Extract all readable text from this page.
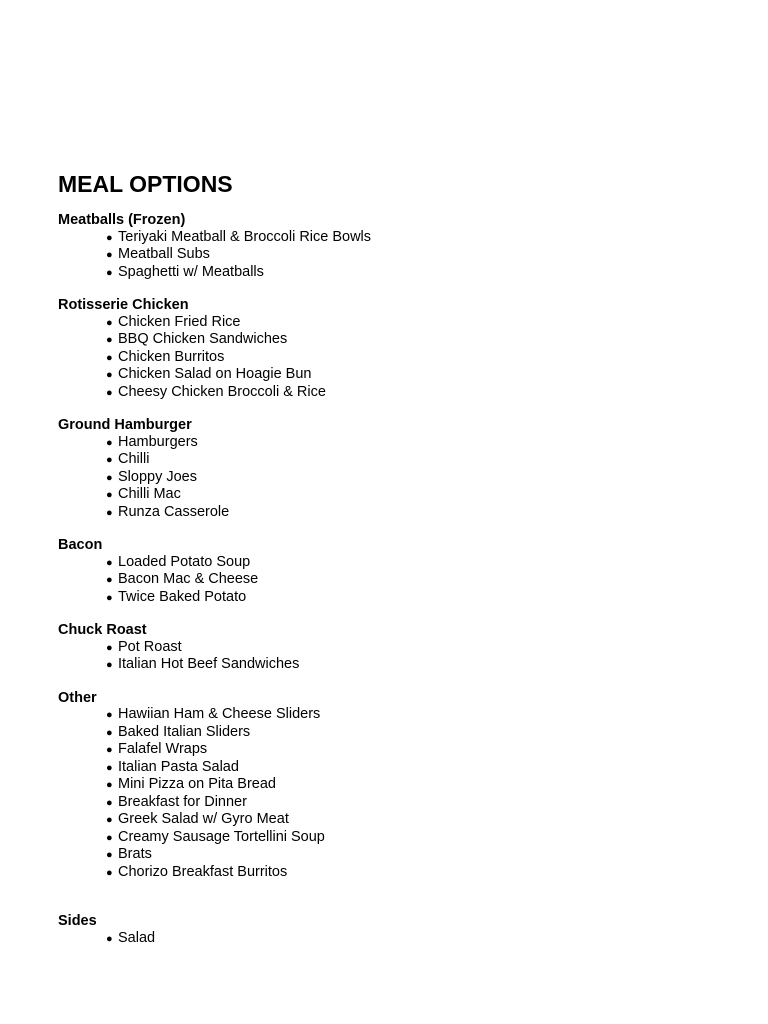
MEAL OPTIONS
Meatballs (Frozen)
● Teriyaki Meatball & Broccoli Rice Bowls
● Meatball Subs
● Spaghetti w/ Meatballs
Rotisserie Chicken
● Chicken Fried Rice
● BBQ Chicken Sandwiches
● Chicken Burritos
● Chicken Salad on Hoagie Bun
● Cheesy Chicken Broccoli & Rice
Ground Hamburger
● Hamburgers
● Chilli
● Sloppy Joes
● Chilli Mac
● Runza Casserole
Bacon
● Loaded Potato Soup
● Bacon Mac & Cheese
● Twice Baked Potato
Chuck Roast
● Pot Roast
● Italian Hot Beef Sandwiches
Other
● Hawiian Ham & Cheese Sliders
● Baked Italian Sliders
● Falafel Wraps
● Italian Pasta Salad
● Mini Pizza on Pita Bread
● Breakfast for Dinner
● Greek Salad w/ Gyro Meat
● Creamy Sausage Tortellini Soup
● Brats
● Chorizo Breakfast Burritos
Sides
● Salad
